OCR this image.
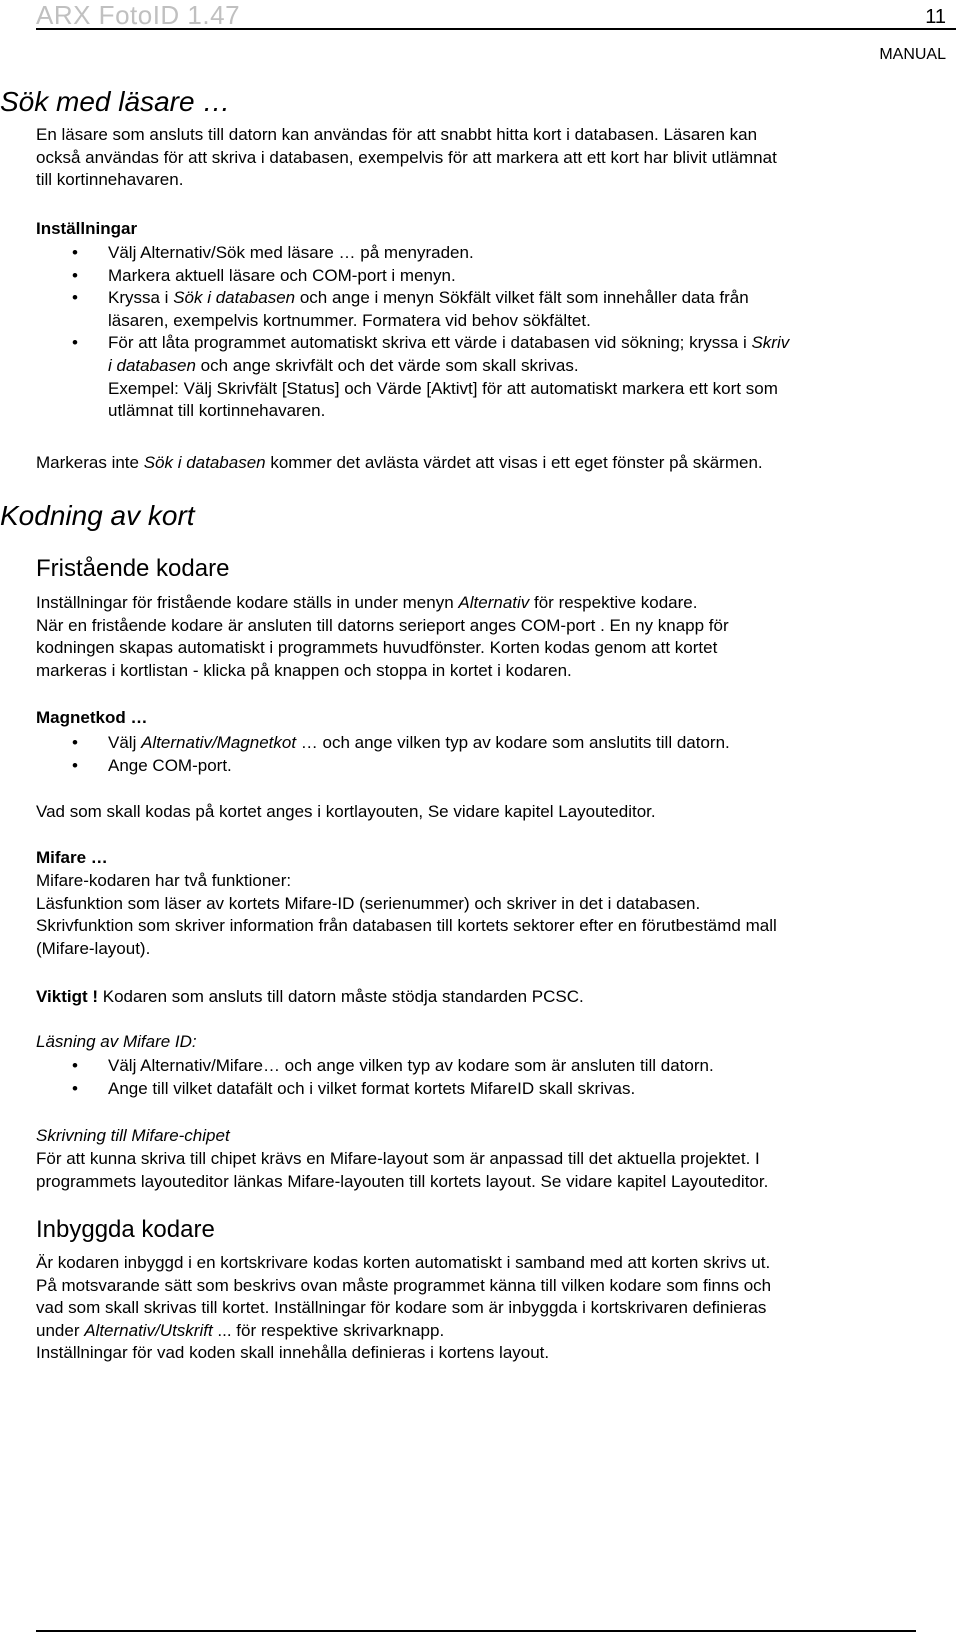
ARX FotoID 1.47	11
MANUAL
Sök med läsare …
En läsare som ansluts till datorn kan användas för att snabbt hitta kort i databasen. Läsaren kan
också användas för att skriva i databasen, exempelvis för att markera att ett kort har blivit utlämnat
till kortinnehavaren.
Inställningar
• Välj Alternativ/Sök med läsare … på menyraden.
• Markera aktuell läsare och COM-port i menyn.
• Kryssa i Sök i databasen och ange i menyn Sökfält vilket fält som innehåller data från
läsaren, exempelvis kortnummer. Formatera vid behov sökfältet.
• För att låta programmet automatiskt skriva ett värde i databasen vid sökning; kryssa i Skriv
i databasen och ange skrivfält och det värde som skall skrivas.
Exempel: Välj Skrivfält [Status] och Värde [Aktivt] för att automatiskt markera ett kort som
utlämnat till kortinnehavaren.
Markeras inte Sök i databasen kommer det avlästa värdet att visas i ett eget fönster på skärmen.
Kodning av kort
Fristående kodare
Inställningar för fristående kodare ställs in under menyn Alternativ för respektive kodare.
När en fristående kodare är ansluten till datorns serieport anges COM-port . En ny knapp för
kodningen skapas automatiskt i programmets huvudfönster. Korten kodas genom att kortet
markeras i kortlistan - klicka på knappen och stoppa in kortet i kodaren.
Magnetkod …
• Välj Alternativ/Magnetkot … och ange vilken typ av kodare som anslutits till datorn.
• Ange COM-port.
Vad som skall kodas på kortet anges i kortlayouten, Se vidare kapitel Layouteditor.
Mifare …
Mifare-kodaren har två funktioner:
Läsfunktion som läser av kortets Mifare-ID (serienummer) och skriver in det i databasen.
Skrivfunktion som skriver information från databasen till kortets sektorer efter en förutbestämd mall
(Mifare-layout).
Viktigt ! Kodaren som ansluts till datorn måste stödja standarden PCSC.
Läsning av Mifare ID:
• Välj Alternativ/Mifare… och ange vilken typ av kodare som är ansluten till datorn.
• Ange till vilket datafält och i vilket format kortets MifareID skall skrivas.
Skrivning till Mifare-chipet
För att kunna skriva till chipet krävs en Mifare-layout som är anpassad till det aktuella projektet. I
programmets layouteditor länkas Mifare-layouten till kortets layout. Se vidare kapitel Layouteditor.
Inbyggda kodare
Är kodaren inbyggd i en kortskrivare kodas korten automatiskt i samband med att korten skrivs ut.
På motsvarande sätt som beskrivs ovan måste programmet känna till vilken kodare som finns och
vad som skall skrivas till kortet. Inställningar för kodare som är inbyggda i kortskrivaren definieras
under Alternativ/Utskrift ... för respektive skrivarknapp.
Inställningar för vad koden skall innehålla definieras i kortens layout.
